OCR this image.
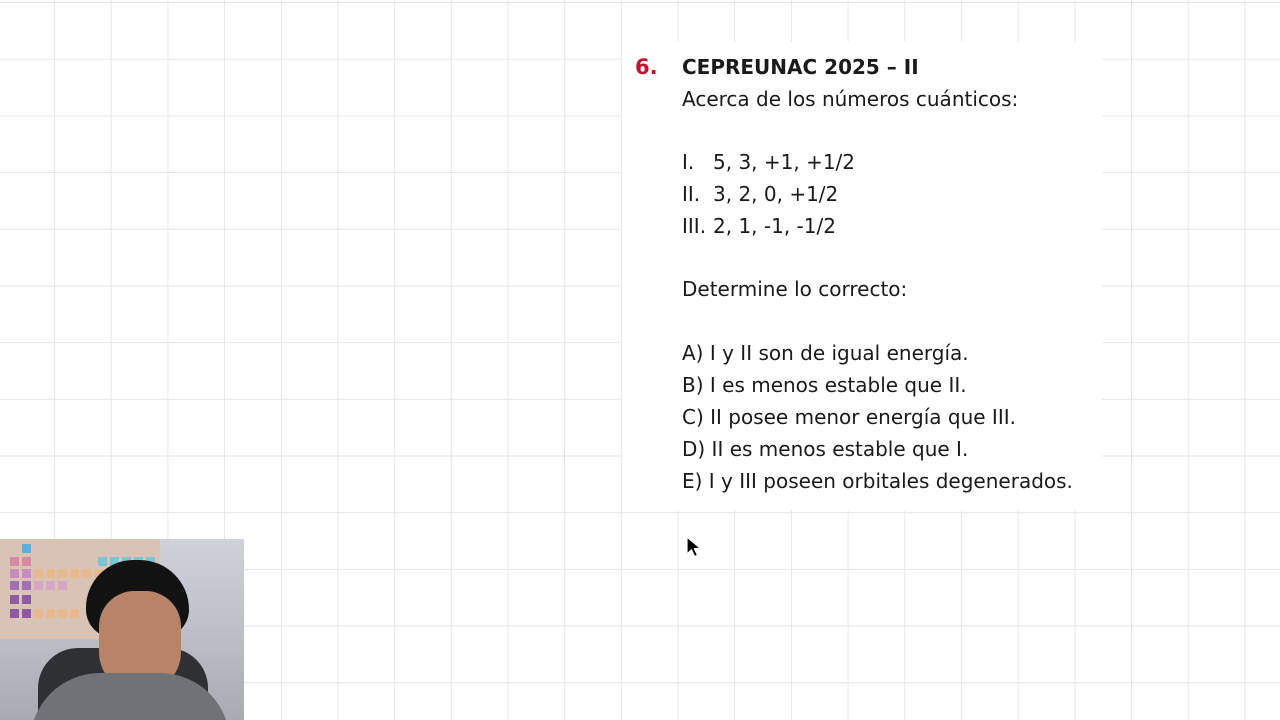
6. CEPREUNAC 2025 – II
Acerca de los números cuánticos:
I. 5, 3, +1, +1/2
II. 3, 2, 0, +1/2
III. 2, 1, -1, -1/2
Determine lo correcto:
A) I y II son de igual energía.
B) I es menos estable que II.
C) II posee menor energía que III.
D) II es menos estable que I.
E) I y III poseen orbitales degenerados.
